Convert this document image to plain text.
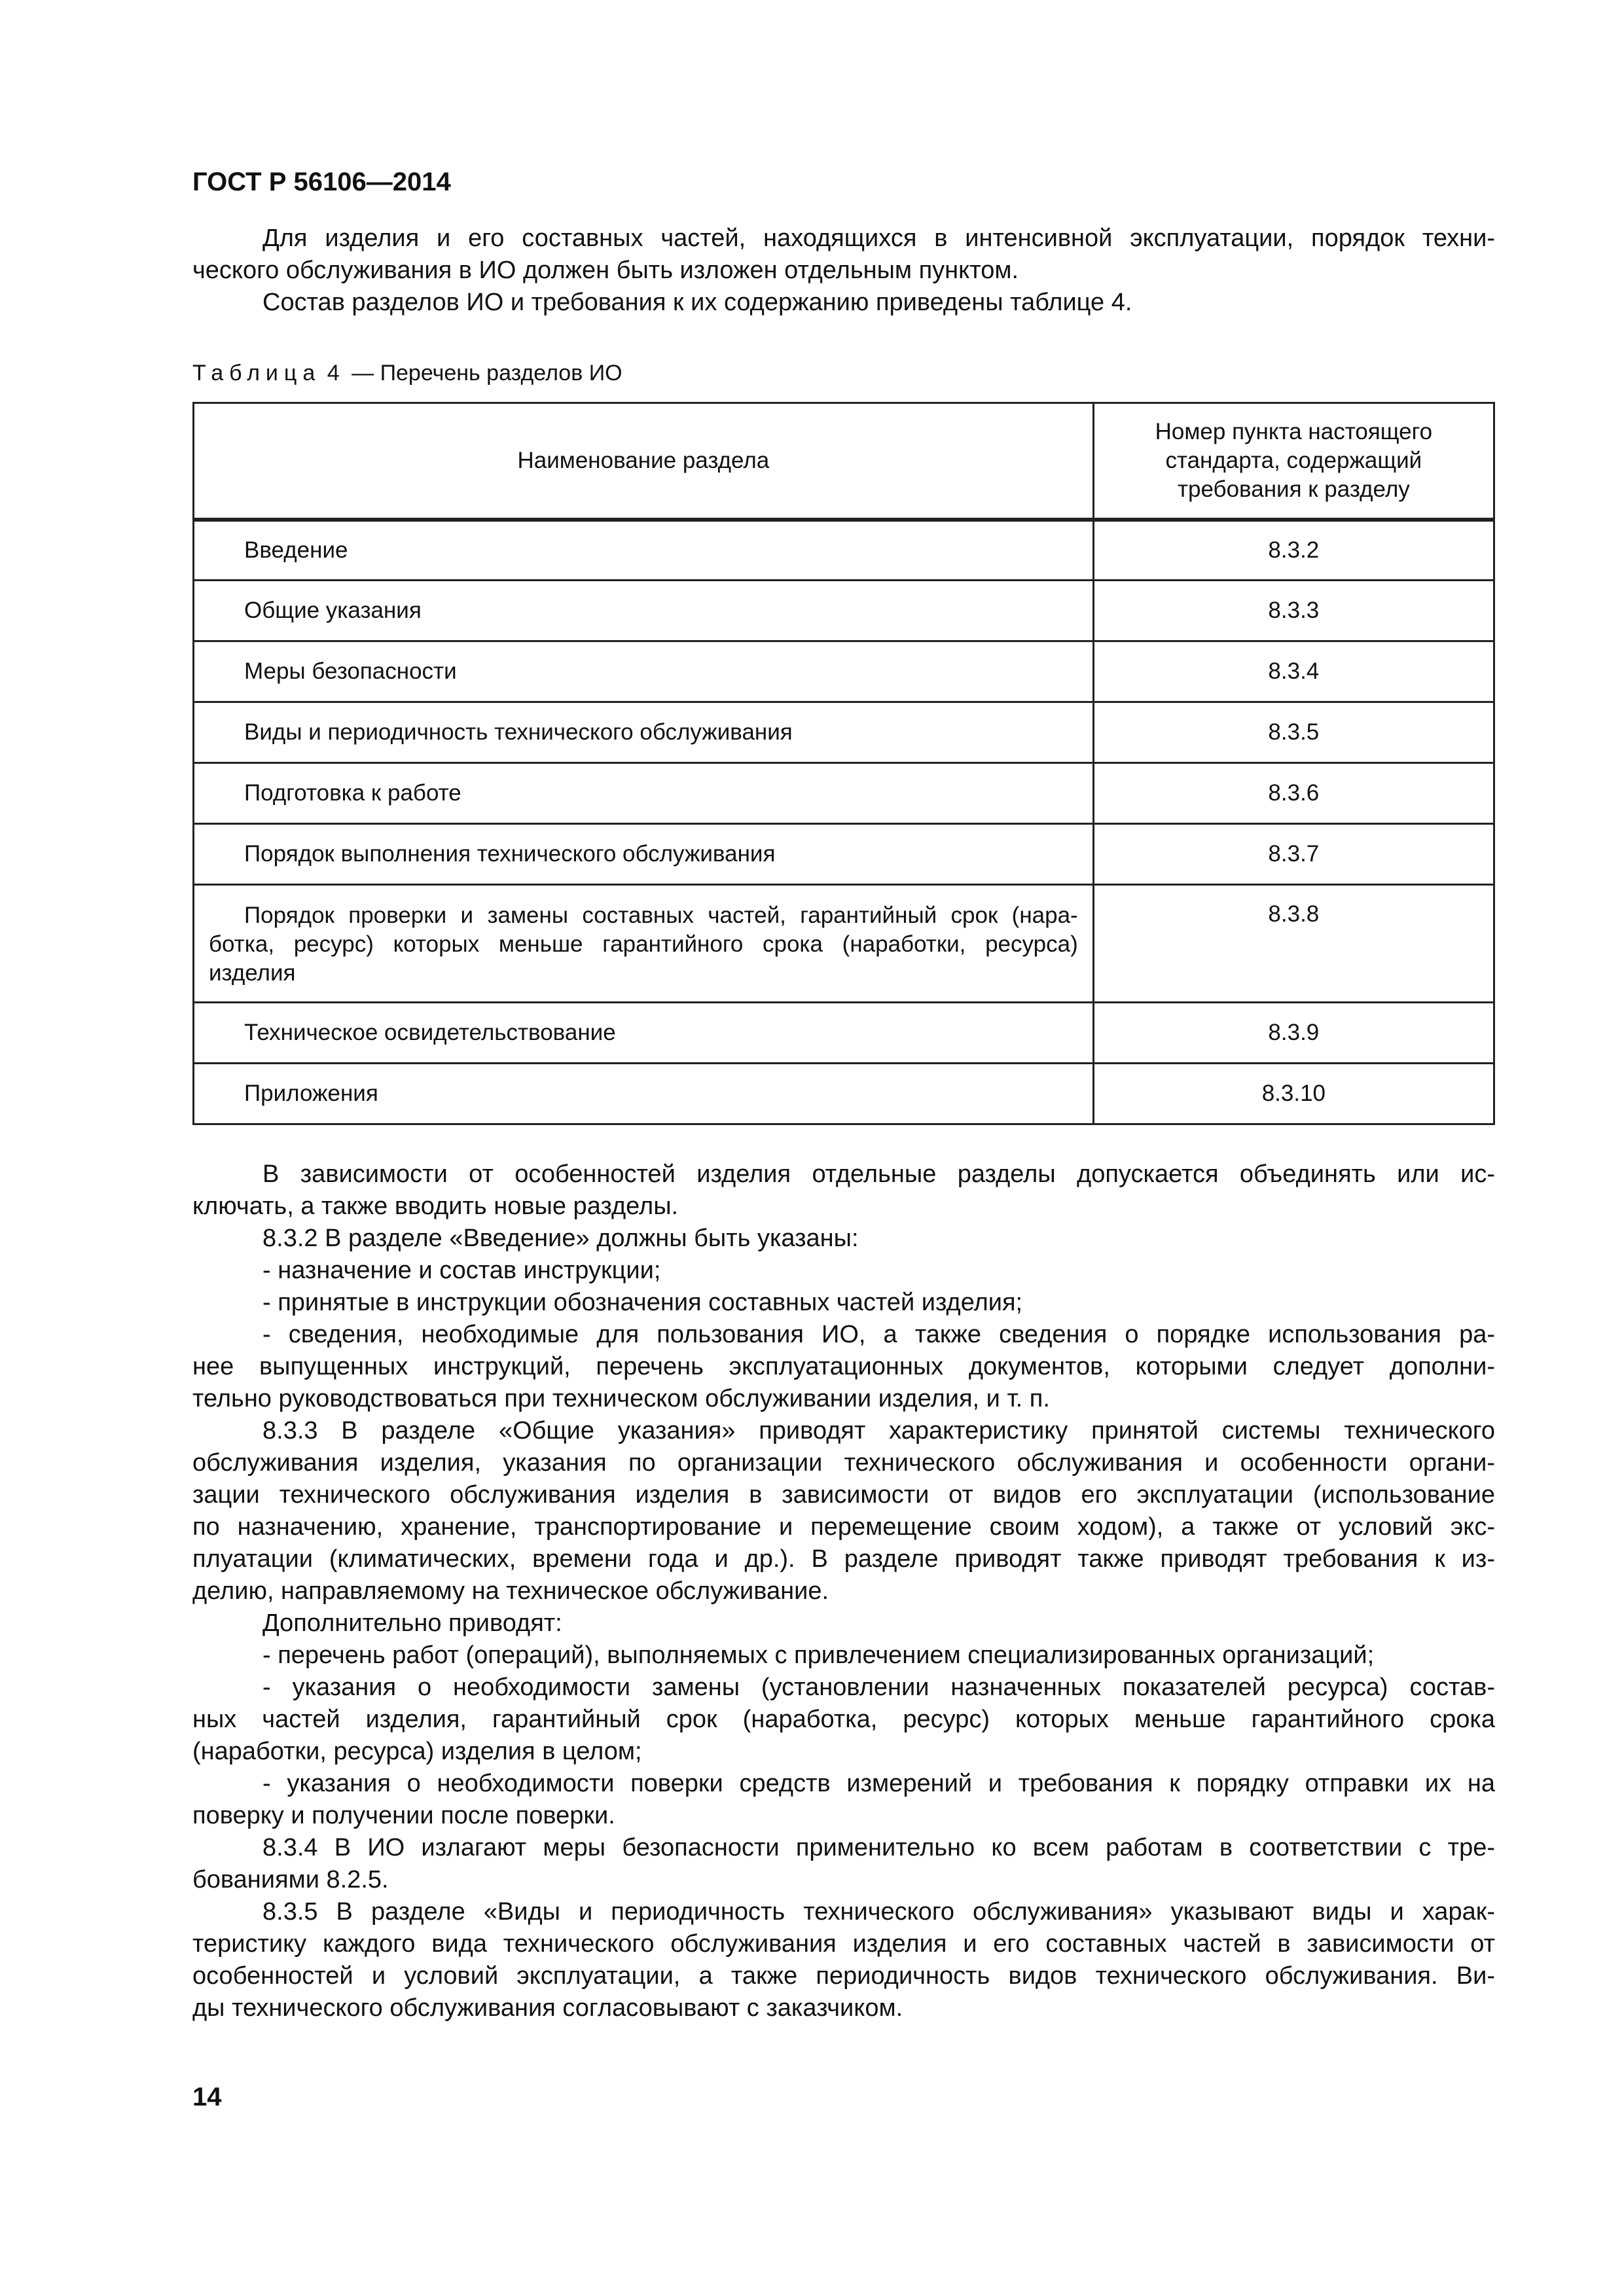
ГОСТ Р 56106—2014
Для изделия и его составных частей, находящихся в интенсивной эксплуатации, порядок техни-
ческого обслуживания в ИО должен быть изложен отдельным пунктом.
Состав разделов ИО и требования к их содержанию приведены таблице 4.

Таблица 4 — Перечень разделов ИО

Наименование раздела	Номер пункта настоящего
стандарта, содержащий
требования к разделу

Введение	8.3.2
Общие указания	8.3.3
Меры безопасности	8.3.4
Виды и периодичность технического обслуживания	8.3.5
Подготовка к работе	8.3.6
Порядок выполнения технического обслуживания	8.3.7

Порядок проверки и замены составных частей, гарантийный срок (нара-
ботка, ресурс) которых меньше гарантийного срока (наработки, ресурса)
изделия	8.3.8
Техническое освидетельствование	8.3.9
Приложения	8.3.10
В зависимости от особенностей изделия отдельные разделы допускается объединять или ис-
ключать, а также вводить новые разделы.
8.3.2 В разделе «Введение» должны быть указаны:
- назначение и состав инструкции;
- принятые в инструкции обозначения составных частей изделия;
- сведения, необходимые для пользования ИО, а также сведения о порядке использования ра-
нее выпущенных инструкций, перечень эксплуатационных документов, которыми следует дополни-
тельно руководствоваться при техническом обслуживании изделия, и т. п.
8.3.3 В разделе «Общие указания» приводят характеристику принятой системы технического
обслуживания изделия, указания по организации технического обслуживания и особенности органи-
зации технического обслуживания изделия в зависимости от видов его эксплуатации (использование
по назначению, хранение, транспортирование и перемещение своим ходом), а также от условий экс-
плуатации (климатических, времени года и др.). В разделе приводят также приводят требования к из-
делию, направляемому на техническое обслуживание.
Дополнительно приводят:
- перечень работ (операций), выполняемых с привлечением специализированных организаций;
- указания о необходимости замены (установлении назначенных показателей ресурса) состав-
ных частей изделия, гарантийный срок (наработка, ресурс) которых меньше гарантийного срока
(наработки, ресурса) изделия в целом;
- указания о необходимости поверки средств измерений и требования к порядку отправки их на
поверку и получении после поверки.
8.3.4 В ИО излагают меры безопасности применительно ко всем работам в соответствии с тре-
бованиями 8.2.5.
8.3.5 В разделе «Виды и периодичность технического обслуживания» указывают виды и харак-
теристику каждого вида технического обслуживания изделия и его составных частей в зависимости от
особенностей и условий эксплуатации, а также периодичность видов технического обслуживания. Ви-
ды технического обслуживания согласовывают с заказчиком.

14
